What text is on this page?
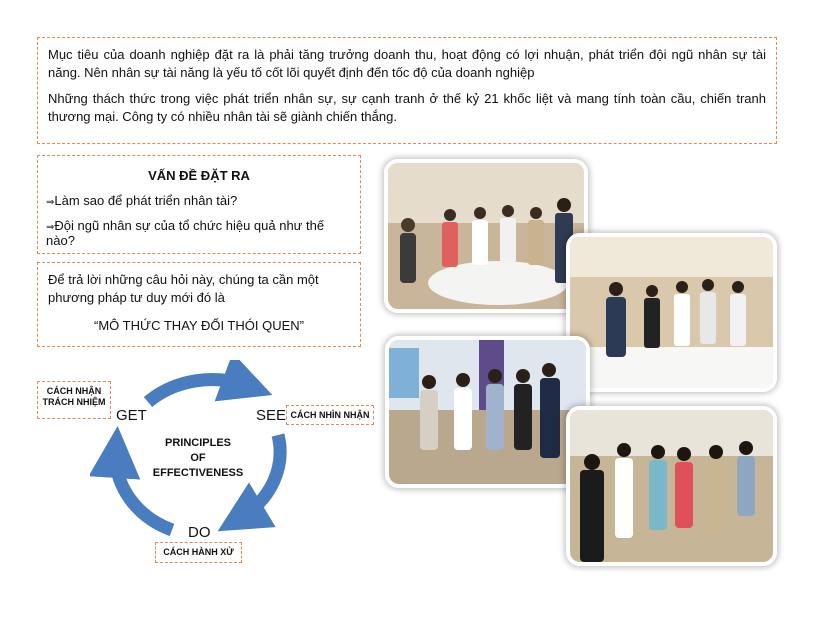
Mục tiêu của doanh nghiệp đặt ra là phải tăng trưởng doanh thu, hoạt động có lợi nhuận, phát triển đội ngũ nhân sự tài năng. Nên nhân sự tài năng là yếu tố cốt lõi quyết định đến tốc độ của doanh nghiệp

Những thách thức trong việc phát triển nhân sự, sự cạnh tranh ở thế kỷ 21 khốc liệt và mang tính toàn cầu, chiến tranh thương mại. Công ty có nhiều nhân tài sẽ giành chiến thắng.

VẤN ĐỀ ĐẶT RA
⇒Làm sao để phát triển nhân tài?
⇒Đội ngũ nhân sự của tổ chức hiệu quả như thế nào?
Để trả lời những câu hỏi này, chúng ta cần một phương pháp tư duy mới đó là
“MÔ THỨC THAY ĐỔI THÓI QUEN”
GET	SEE
DO
PRINCIPLES
OF
EFFECTIVENESS
CÁCH NHẬN
TRÁCH NHIỆM
CÁCH NHÌN NHẬN
CÁCH HÀNH XỬ
